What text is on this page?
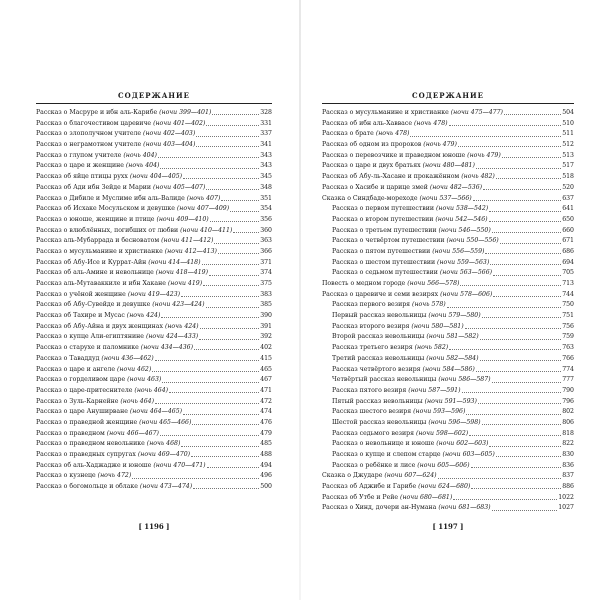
СОДЕРЖАНИЕ
Рассказ о Масруре и ибн аль-Карибе (ночи 399—401)	328
Рассказ о благочестивом царевиче (ночи 401—402)	331
Рассказ о злополучном учителе (ночи 402—403)	337
Рассказ о неграмотном учителе (ночи 403—404)	341
Рассказ о глупом учителе (ночь 404)	343
Рассказ о царе и женщине (ночь 404)	343
Рассказ об яйце птицы рухх (ночи 404—405)	345
Рассказ об Ади ибн Зейде и Марии (ночи 405—407)	348
Рассказ о Дибиле и Муслиме ибн аль-Валиде (ночь 407)	351
Рассказ об Исхаке Мосульском и девушке (ночи 407—409)	354
Рассказ о юноше, женщине и птице (ночи 409—410)	356
Рассказ о влюблённых, погибших от любви (ночи 410—411)	360
Рассказ аль-Мубаррада и бесноватом (ночи 411—412)	363
Рассказ о мусульманине и христианке (ночи 412—413)	366
Рассказ об Абу-Исе и Куррат-Айн (ночи 414—418)	371
Рассказ об аль-Амине и невольнице (ночи 418—419)	374
Рассказ аль-Мутаваккиле и ибн Хакане (ночи 419)	375
Рассказ о учёной женщине (ночи 419—423)	383
Рассказ об Абу-Сувейде и девушке (ночи 423—424)	385
Рассказ об Тахире и Мусас (ночь 424)	390
Рассказ об Абу-Айна и двух женщинах (ночь 424)	391
Рассказ о купце Али-египтянине (ночи 424—433)	392
Рассказ о старухе и паломнике (ночи 434—436)	402
Рассказ о Таваддуд (ночи 436—462)	415
Рассказ о царе и ангеле (ночи 462)	465
Рассказ о горделивом царе (ночи 463)	467
Рассказ о царе-притеснителе (ночь 464)	471
Рассказ о Зуль-Карнейне (ночь 464)	472
Рассказ о царе Ануширване (ночи 464—465)	474
Рассказ о праведной женщине (ночи 465—466)	476
Рассказ о праведном (ночи 466—467)	479
Рассказ о праведном невольнике (ночь 468)	485
Рассказ о праведных супругах (ночи 469—470)	488
Рассказ об аль-Хаджадже и юноше (ночи 470—471)	494
Рассказ о кузнеце (ночь 472)	496
Рассказ о богомольце и облаке (ночи 473—474)	500
[ 1196 ]
СОДЕРЖАНИЕ
Рассказ о мусульманине и христианке (ночи 475—477)	504
Рассказ об ибн аль-Хаввасе (ночь 478)	510
Рассказ о брате (ночь 478)	511
Рассказ об одном из пророков (ночь 479)	512
Рассказ о перевозчике и праведном юноше (ночь 479)	513
Рассказ о царе и двух братьях (ночи 480—481)	517
Рассказ об Абу-ль-Хасане и прокажённом (ночь 482)	518
Рассказ о Хасибе и царице змей (ночи 482—536)	520
Сказка о Синдбаде-мореходе (ночи 537—566)	637
Рассказ о первом путешествии (ночи 538—542)	641
Рассказ о втором путешествии (ночи 542—546)	650
Рассказ о третьем путешествии (ночи 546—550)	660
Рассказ о четвёртом путешествии (ночи 550—556)	671
Рассказ о пятом путешествии (ночи 556—559)	686
Рассказ о шестом путешествии (ночи 559—563)	694
Рассказ о седьмом путешествии (ночи 563—566)	705
Повесть о медном городе (ночи 566—578)	713
Рассказ о царевиче и семи везирях (ночи 578—606)	744
Рассказ первого везиря (ночь 578)	750
Первый рассказ невольницы (ночи 579—580)	751
Рассказ второго везиря (ночи 580—581)	756
Второй рассказ невольницы (ночи 581—582)	759
Рассказ третьего везиря (ночь 582)	763
Третий рассказ невольницы (ночи 582—584)	766
Рассказ четвёртого везиря (ночи 584—586)	774
Четвёртый рассказ невольницы (ночи 586—587)	777
Рассказ пятого везиря (ночи 587—591)	790
Пятый рассказ невольницы (ночи 591—593)	796
Рассказ шестого везиря (ночи 593—596)	802
Шестой рассказ невольницы (ночи 596—598)	806
Рассказ седьмого везиря (ночи 598—602)	818
Рассказ о невольнице и юноше (ночи 602—603)	822
Рассказ о купце и слепом старце (ночи 603—605)	830
Рассказ о ребёнке и лисе (ночи 605—606)	836
Сказка о Джударе (ночи 607—624)	837
Рассказ об Аджибе и Гарибе (ночи 624—680)	886
Рассказ об Утбе и Рейе (ночи 680—681)	1022
Рассказ о Хинд, дочери ан-Нумана (ночи 681—683)	1027
[ 1197 ]
